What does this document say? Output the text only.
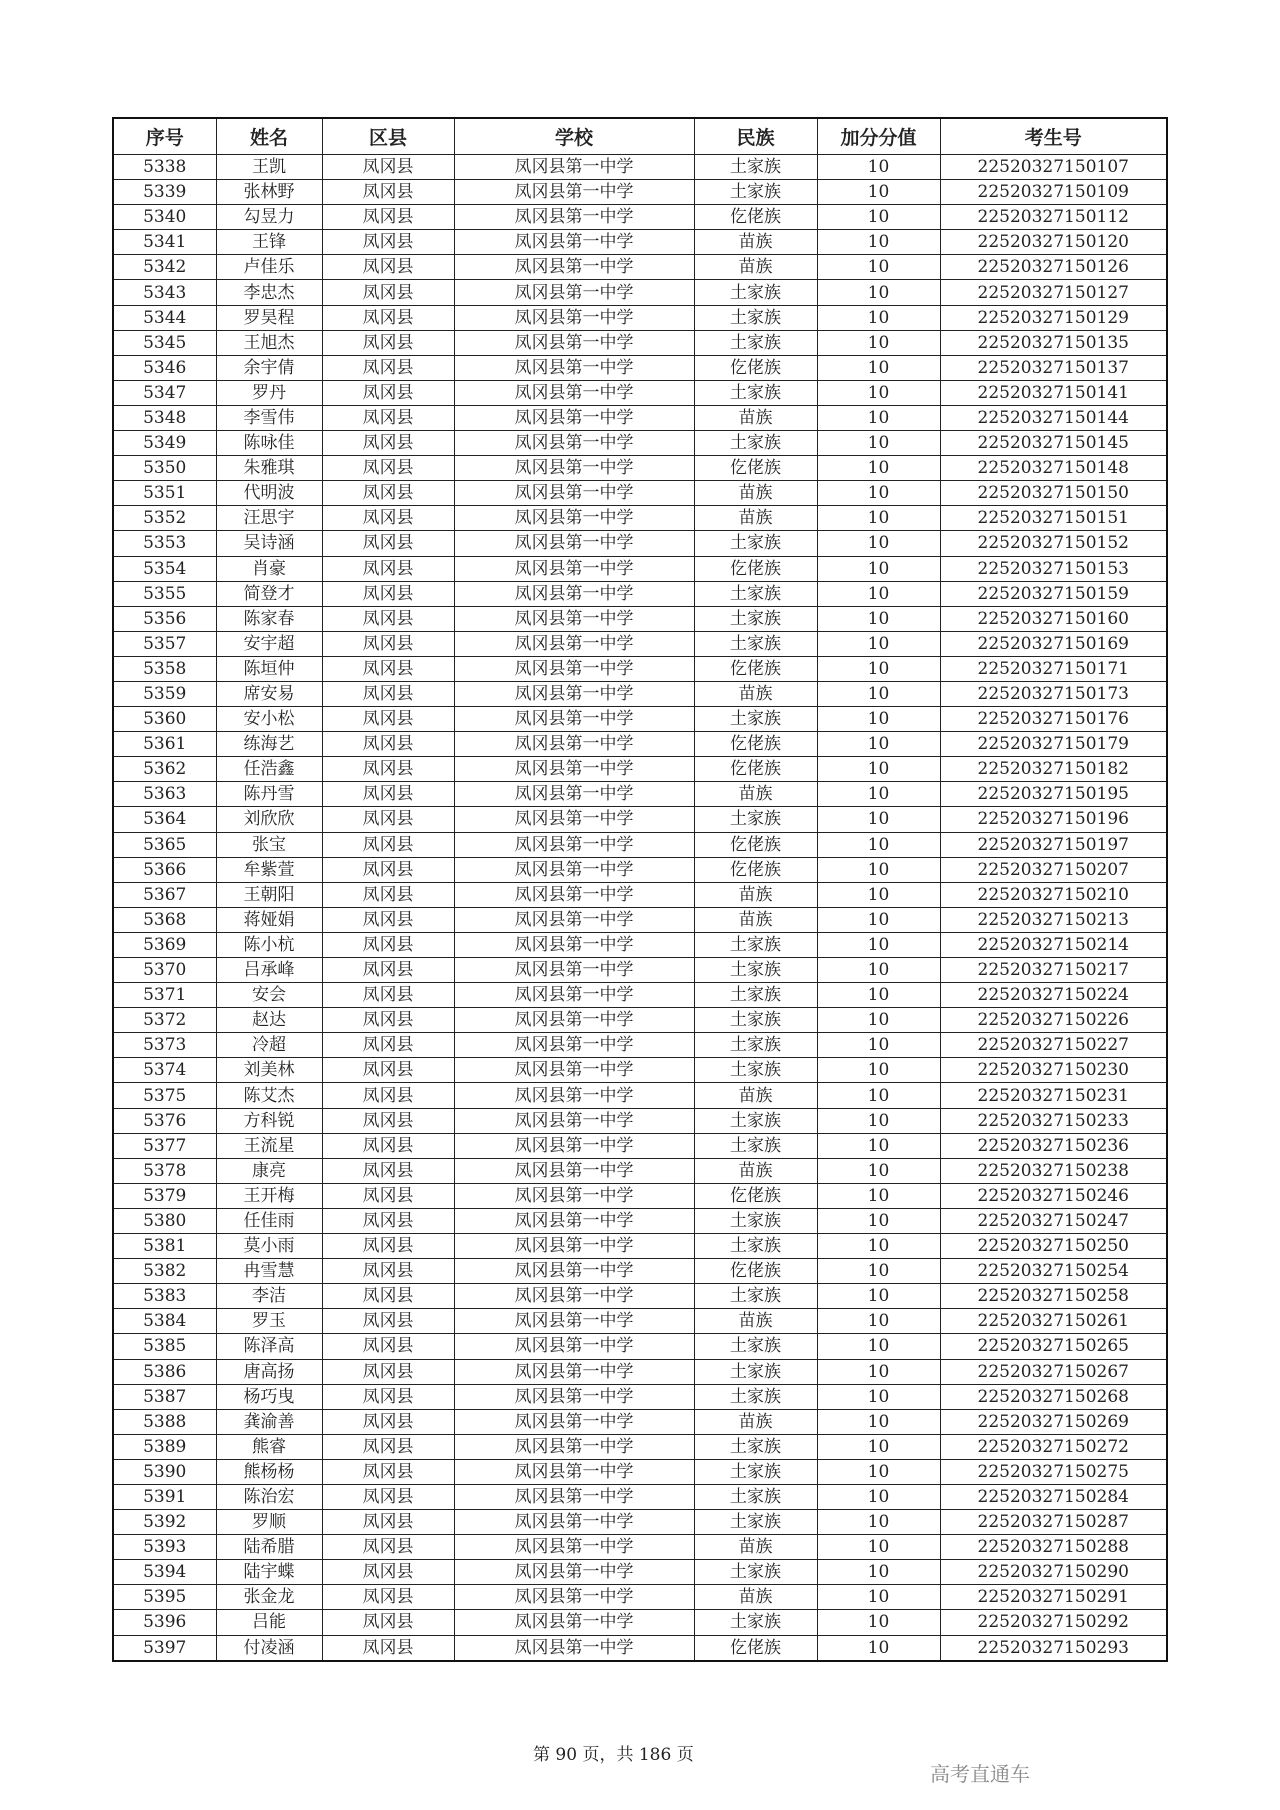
序号	姓名	区县	学校	民族	加分分值	考生号
5338	王凯	凤冈县	凤冈县第一中学	土家族	10	22520327150107
5339	张林野	凤冈县	凤冈县第一中学	土家族	10	22520327150109
5340	勾昱力	凤冈县	凤冈县第一中学	仡佬族	10	22520327150112
5341	王锋	凤冈县	凤冈县第一中学	苗族	10	22520327150120
5342	卢佳乐	凤冈县	凤冈县第一中学	苗族	10	22520327150126
5343	李忠杰	凤冈县	凤冈县第一中学	土家族	10	22520327150127
5344	罗昊程	凤冈县	凤冈县第一中学	土家族	10	22520327150129
5345	王旭杰	凤冈县	凤冈县第一中学	土家族	10	22520327150135
5346	余宇倩	凤冈县	凤冈县第一中学	仡佬族	10	22520327150137
5347	罗丹	凤冈县	凤冈县第一中学	土家族	10	22520327150141
5348	李雪伟	凤冈县	凤冈县第一中学	苗族	10	22520327150144
5349	陈咏佳	凤冈县	凤冈县第一中学	土家族	10	22520327150145
5350	朱雅琪	凤冈县	凤冈县第一中学	仡佬族	10	22520327150148
5351	代明波	凤冈县	凤冈县第一中学	苗族	10	22520327150150
5352	汪思宇	凤冈县	凤冈县第一中学	苗族	10	22520327150151
5353	吴诗涵	凤冈县	凤冈县第一中学	土家族	10	22520327150152
5354	肖豪	凤冈县	凤冈县第一中学	仡佬族	10	22520327150153
5355	简登才	凤冈县	凤冈县第一中学	土家族	10	22520327150159
5356	陈家春	凤冈县	凤冈县第一中学	土家族	10	22520327150160
5357	安宇超	凤冈县	凤冈县第一中学	土家族	10	22520327150169
5358	陈垣仲	凤冈县	凤冈县第一中学	仡佬族	10	22520327150171
5359	席安易	凤冈县	凤冈县第一中学	苗族	10	22520327150173
5360	安小松	凤冈县	凤冈县第一中学	土家族	10	22520327150176
5361	练海艺	凤冈县	凤冈县第一中学	仡佬族	10	22520327150179
5362	任浩鑫	凤冈县	凤冈县第一中学	仡佬族	10	22520327150182
5363	陈丹雪	凤冈县	凤冈县第一中学	苗族	10	22520327150195
5364	刘欣欣	凤冈县	凤冈县第一中学	土家族	10	22520327150196
5365	张宝	凤冈县	凤冈县第一中学	仡佬族	10	22520327150197
5366	牟紫萱	凤冈县	凤冈县第一中学	仡佬族	10	22520327150207
5367	王朝阳	凤冈县	凤冈县第一中学	苗族	10	22520327150210
5368	蒋娅娟	凤冈县	凤冈县第一中学	苗族	10	22520327150213
5369	陈小杭	凤冈县	凤冈县第一中学	土家族	10	22520327150214
5370	吕承峰	凤冈县	凤冈县第一中学	土家族	10	22520327150217
5371	安会	凤冈县	凤冈县第一中学	土家族	10	22520327150224
5372	赵达	凤冈县	凤冈县第一中学	土家族	10	22520327150226
5373	冷超	凤冈县	凤冈县第一中学	土家族	10	22520327150227
5374	刘美林	凤冈县	凤冈县第一中学	土家族	10	22520327150230
5375	陈艾杰	凤冈县	凤冈县第一中学	苗族	10	22520327150231
5376	方科锐	凤冈县	凤冈县第一中学	土家族	10	22520327150233
5377	王流星	凤冈县	凤冈县第一中学	土家族	10	22520327150236
5378	康亮	凤冈县	凤冈县第一中学	苗族	10	22520327150238
5379	王开梅	凤冈县	凤冈县第一中学	仡佬族	10	22520327150246
5380	任佳雨	凤冈县	凤冈县第一中学	土家族	10	22520327150247
5381	莫小雨	凤冈县	凤冈县第一中学	土家族	10	22520327150250
5382	冉雪慧	凤冈县	凤冈县第一中学	仡佬族	10	22520327150254
5383	李洁	凤冈县	凤冈县第一中学	土家族	10	22520327150258
5384	罗玉	凤冈县	凤冈县第一中学	苗族	10	22520327150261
5385	陈泽高	凤冈县	凤冈县第一中学	土家族	10	22520327150265
5386	唐高扬	凤冈县	凤冈县第一中学	土家族	10	22520327150267
5387	杨巧曳	凤冈县	凤冈县第一中学	土家族	10	22520327150268
5388	龚渝善	凤冈县	凤冈县第一中学	苗族	10	22520327150269
5389	熊睿	凤冈县	凤冈县第一中学	土家族	10	22520327150272
5390	熊杨杨	凤冈县	凤冈县第一中学	土家族	10	22520327150275
5391	陈治宏	凤冈县	凤冈县第一中学	土家族	10	22520327150284
5392	罗顺	凤冈县	凤冈县第一中学	土家族	10	22520327150287
5393	陆希腊	凤冈县	凤冈县第一中学	苗族	10	22520327150288
5394	陆宇蝶	凤冈县	凤冈县第一中学	土家族	10	22520327150290
5395	张金龙	凤冈县	凤冈县第一中学	苗族	10	22520327150291
5396	吕能	凤冈县	凤冈县第一中学	土家族	10	22520327150292
5397	付凌涵	凤冈县	凤冈县第一中学	仡佬族	10	22520327150293
第 90 页，共 186 页
高考直通车
